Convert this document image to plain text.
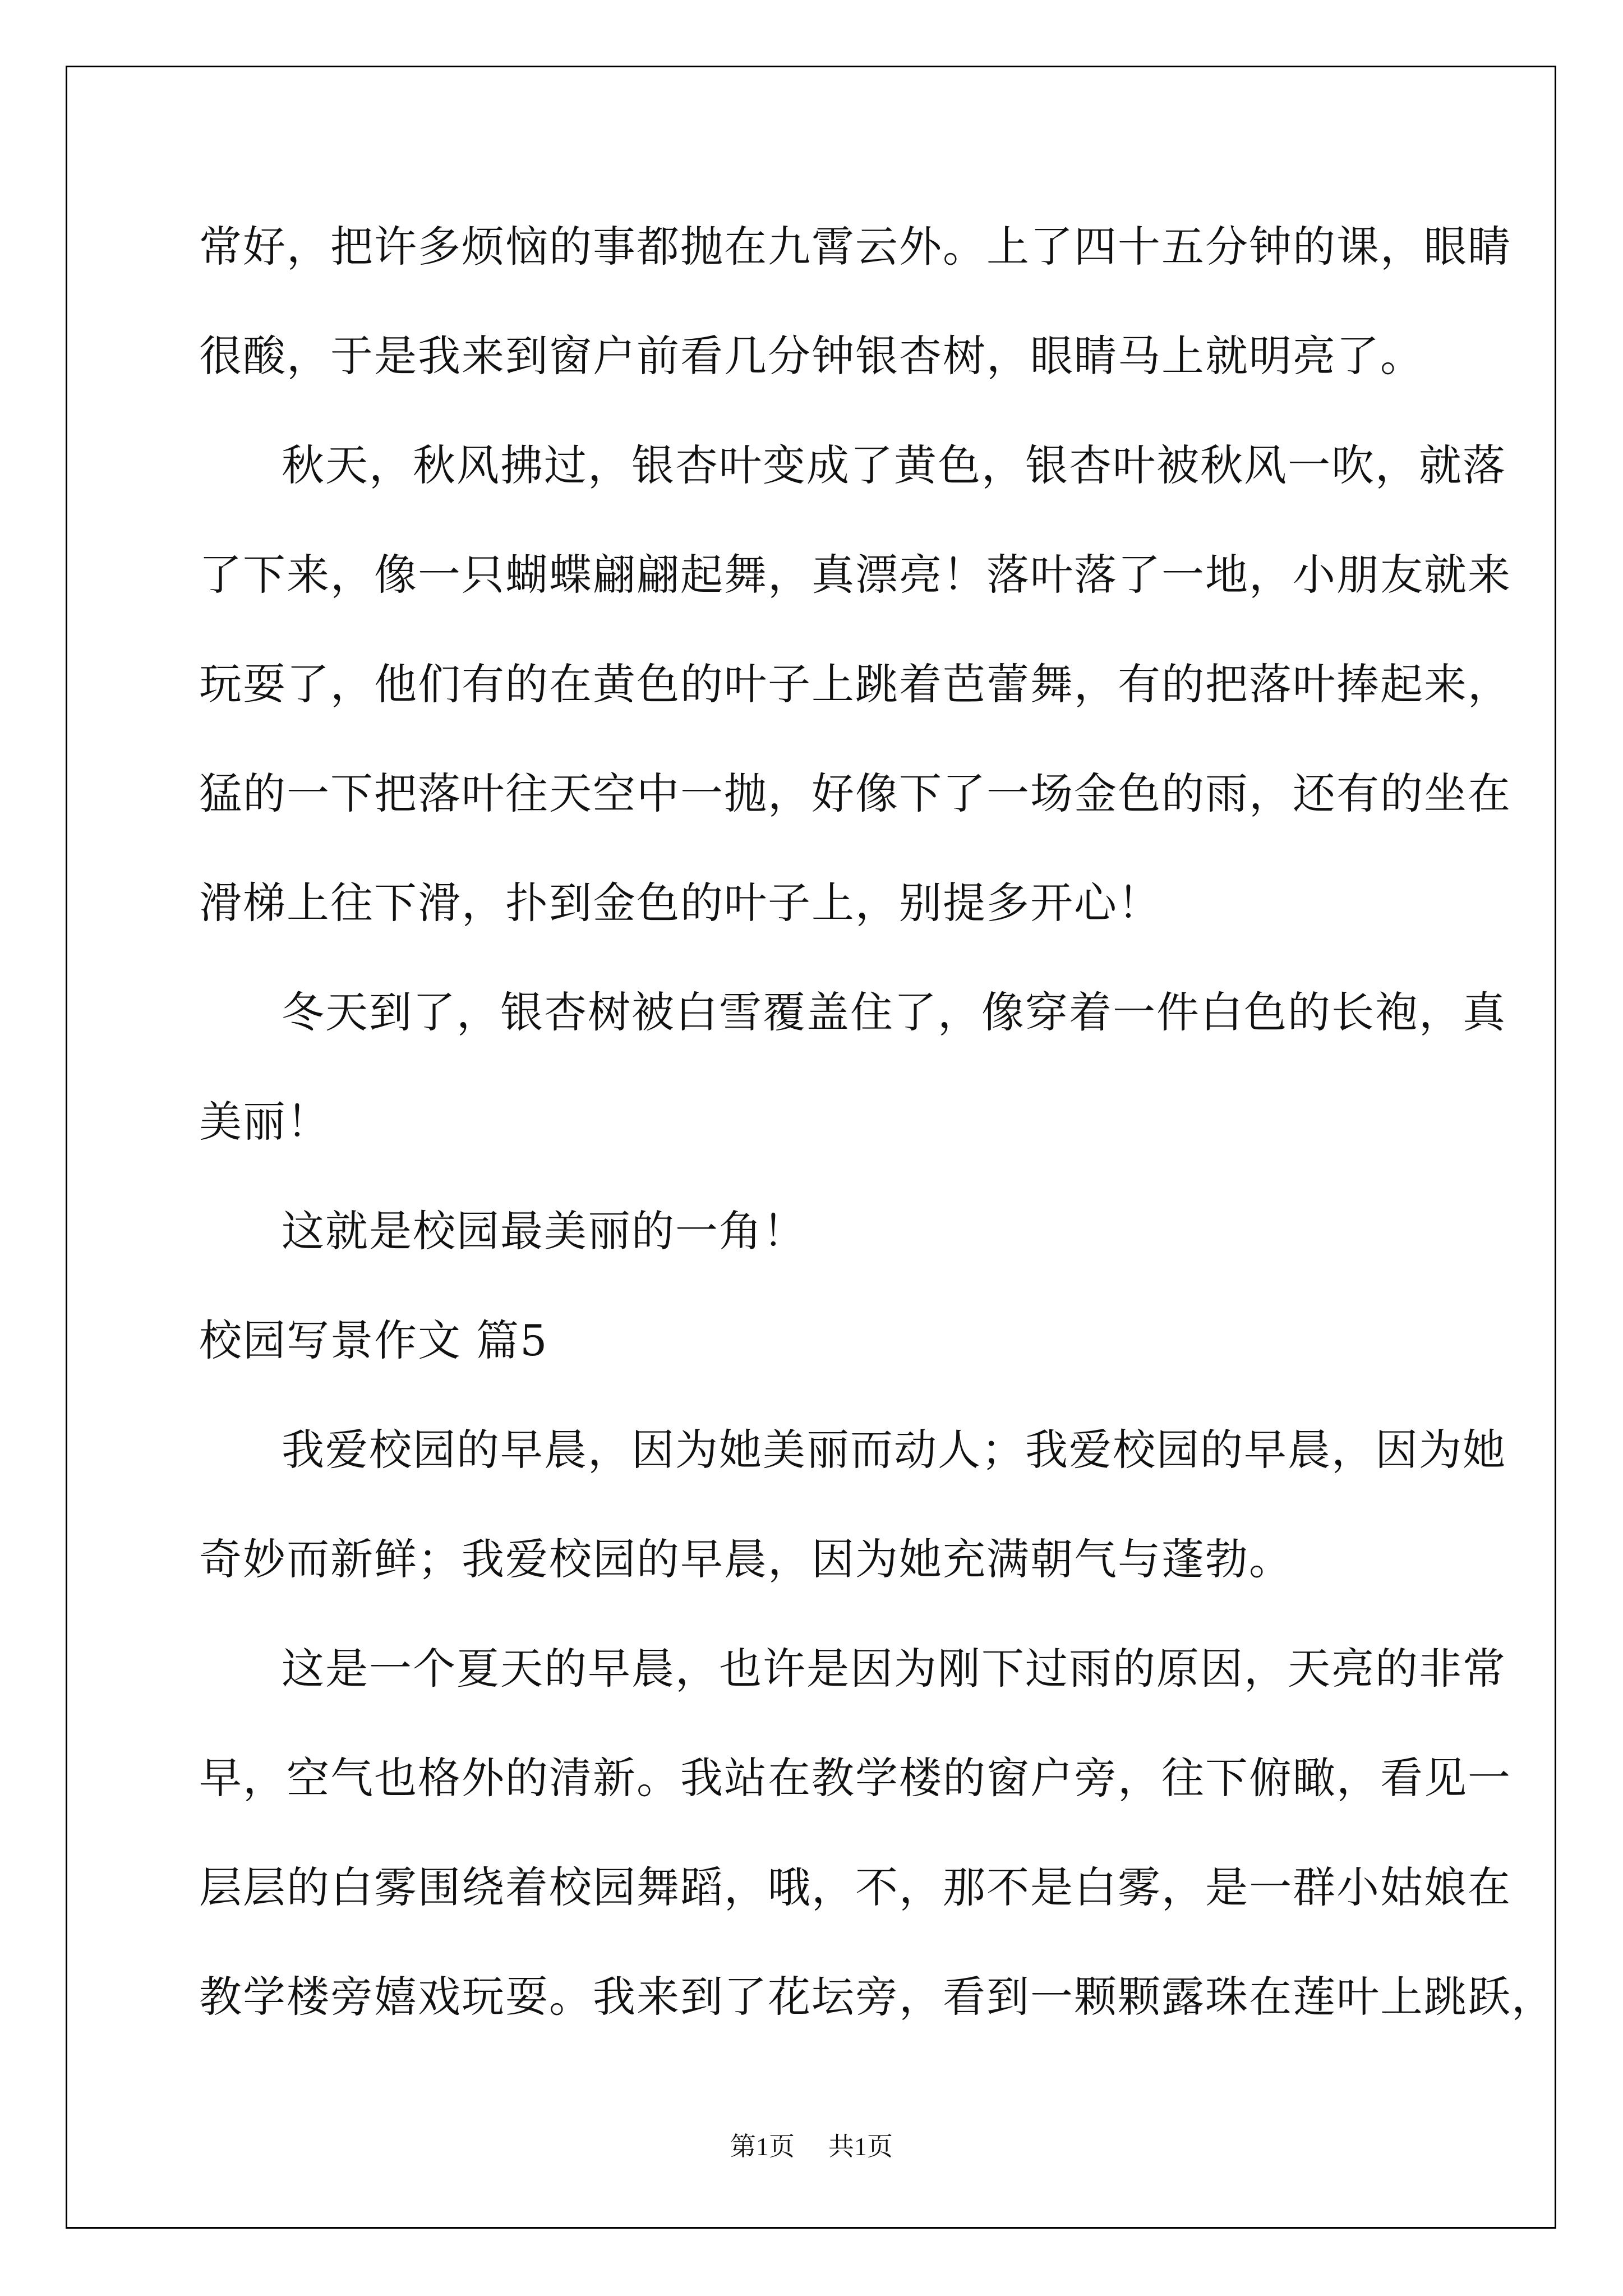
常好，把许多烦恼的事都抛在九霄云外。上了四十五分钟的课，眼睛
很酸，于是我来到窗户前看几分钟银杏树，眼睛马上就明亮了。
秋天，秋风拂过，银杏叶变成了黄色，银杏叶被秋风一吹，就落
了下来，像一只蝴蝶翩翩起舞，真漂亮！落叶落了一地，小朋友就来
玩耍了，他们有的在黄色的叶子上跳着芭蕾舞，有的把落叶捧起来，
猛的一下把落叶往天空中一抛，好像下了一场金色的雨，还有的坐在
滑梯上往下滑，扑到金色的叶子上，别提多开心！
冬天到了，银杏树被白雪覆盖住了，像穿着一件白色的长袍，真
美丽！
这就是校园最美丽的一角！
校园写景作文 篇5
我爱校园的早晨，因为她美丽而动人；我爱校园的早晨，因为她
奇妙而新鲜；我爱校园的早晨，因为她充满朝气与蓬勃。
这是一个夏天的早晨，也许是因为刚下过雨的原因，天亮的非常
早，空气也格外的清新。我站在教学楼的窗户旁，往下俯瞰，看见一
层层的白雾围绕着校园舞蹈，哦，不，那不是白雾，是一群小姑娘在
教学楼旁嬉戏玩耍。我来到了花坛旁，看到一颗颗露珠在莲叶上跳跃，
第1页 共1页
